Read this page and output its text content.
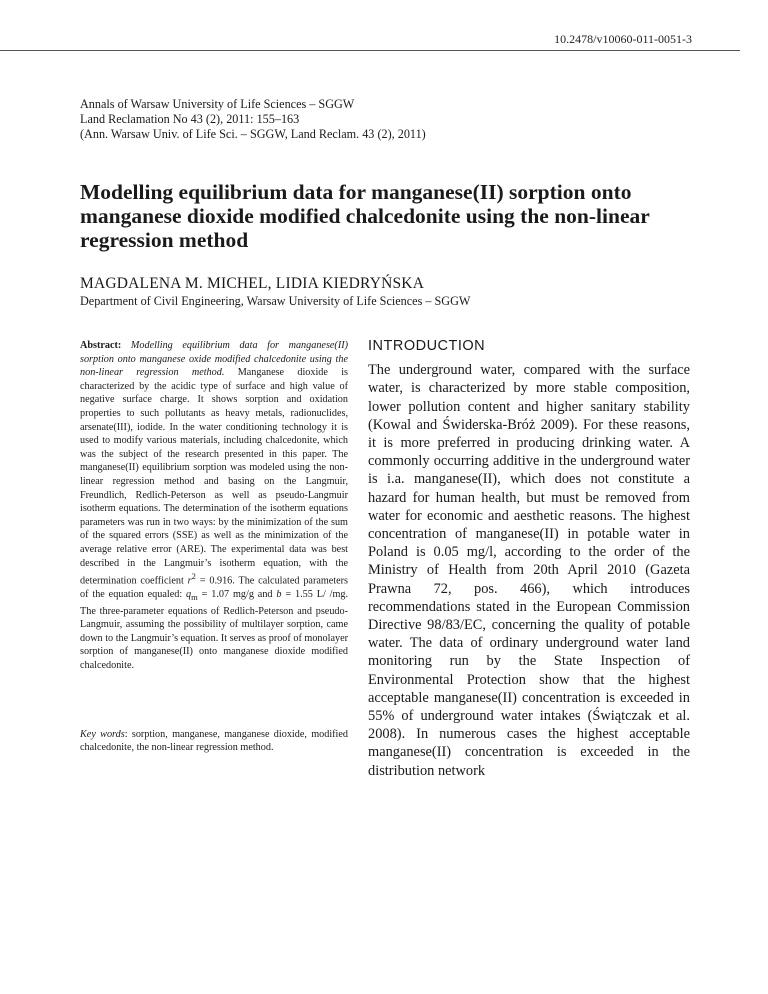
10.2478/v10060-011-0051-3
Annals of Warsaw University of Life Sciences – SGGW
Land Reclamation No 43 (2), 2011: 155–163
(Ann. Warsaw Univ. of Life Sci. – SGGW, Land Reclam. 43 (2), 2011)
Modelling equilibrium data for manganese(II) sorption onto manganese dioxide modified chalcedonite using the non-linear regression method
MAGDALENA M. MICHEL, LIDIA KIEDRYŃSKA
Department of Civil Engineering, Warsaw University of Life Sciences – SGGW

Abstract: Modelling equilibrium data for manganese(II) sorption onto manganese oxide modified chalcedonite using the non-linear regression method. Manganese dioxide is characterized by the acidic type of surface and high value of negative surface charge. It shows sorption and oxidation properties to such pollutants as heavy metals, radionuclides, arsenate(III), iodide. In the water conditioning technology it is used to modify various materials, including chalcedonite, which was the subject of the research presented in this paper. The manganese(II) equilibrium sorption was modeled using the non-linear regression method and basing on the Langmuir, Freundlich, Redlich-Peterson as well as pseudo-Langmuir isotherm equations. The determination of the isotherm equations parameters was run in two ways: by the minimization of the sum of the squared errors (SSE) as well as the minimization of the average relative error (ARE). The experimental data was best described in the Langmuir’s isotherm equation, with the determination coefficient $r^2 = 0.916$. The calculated parameters of the equation equaled: $q_m = 1.07$ mg/g and b = 1.55 L/ /mg. The three-parameter equations of Redlich-Peterson and pseudo-Langmuir, assuming the possibility of multilayer sorption, came down to the Langmuir’s equation. It serves as proof of monolayer sorption of manganese(II) onto manganese dioxide modified chalcedonite.

Key words: sorption, manganese, manganese dioxide, modified chalcedonite, the non-linear regression method.

INTRODUCTION

The underground water, compared with the surface water, is characterized by more stable composition, lower pollution content and higher sanitary stability (Kowal and Świderska-Bróż 2009). For these reasons, it is more preferred in producing drinking water. A commonly occurring additive in the underground water is i.a. manganese(II), which does not constitute a hazard for human health, but must be removed from water for economic and aesthetic reasons. The highest concentration of manganese(II) in potable water in Poland is 0.05 mg/l, according to the order of the Ministry of Health from 20th April 2010 (Gazeta Prawna 72, pos. 466), which introduces recommendations stated in the European Commission Directive 98/83/EC, concerning the quality of potable water. The data of ordinary underground water land monitoring run by the State Inspection of Environmental Protection show that the highest acceptable manganese(II) concentration is exceeded in 55% of underground water intakes (Świątczak et al. 2008). In numerous cases the highest acceptable manganese(II) concentration is exceeded in the distribution network
